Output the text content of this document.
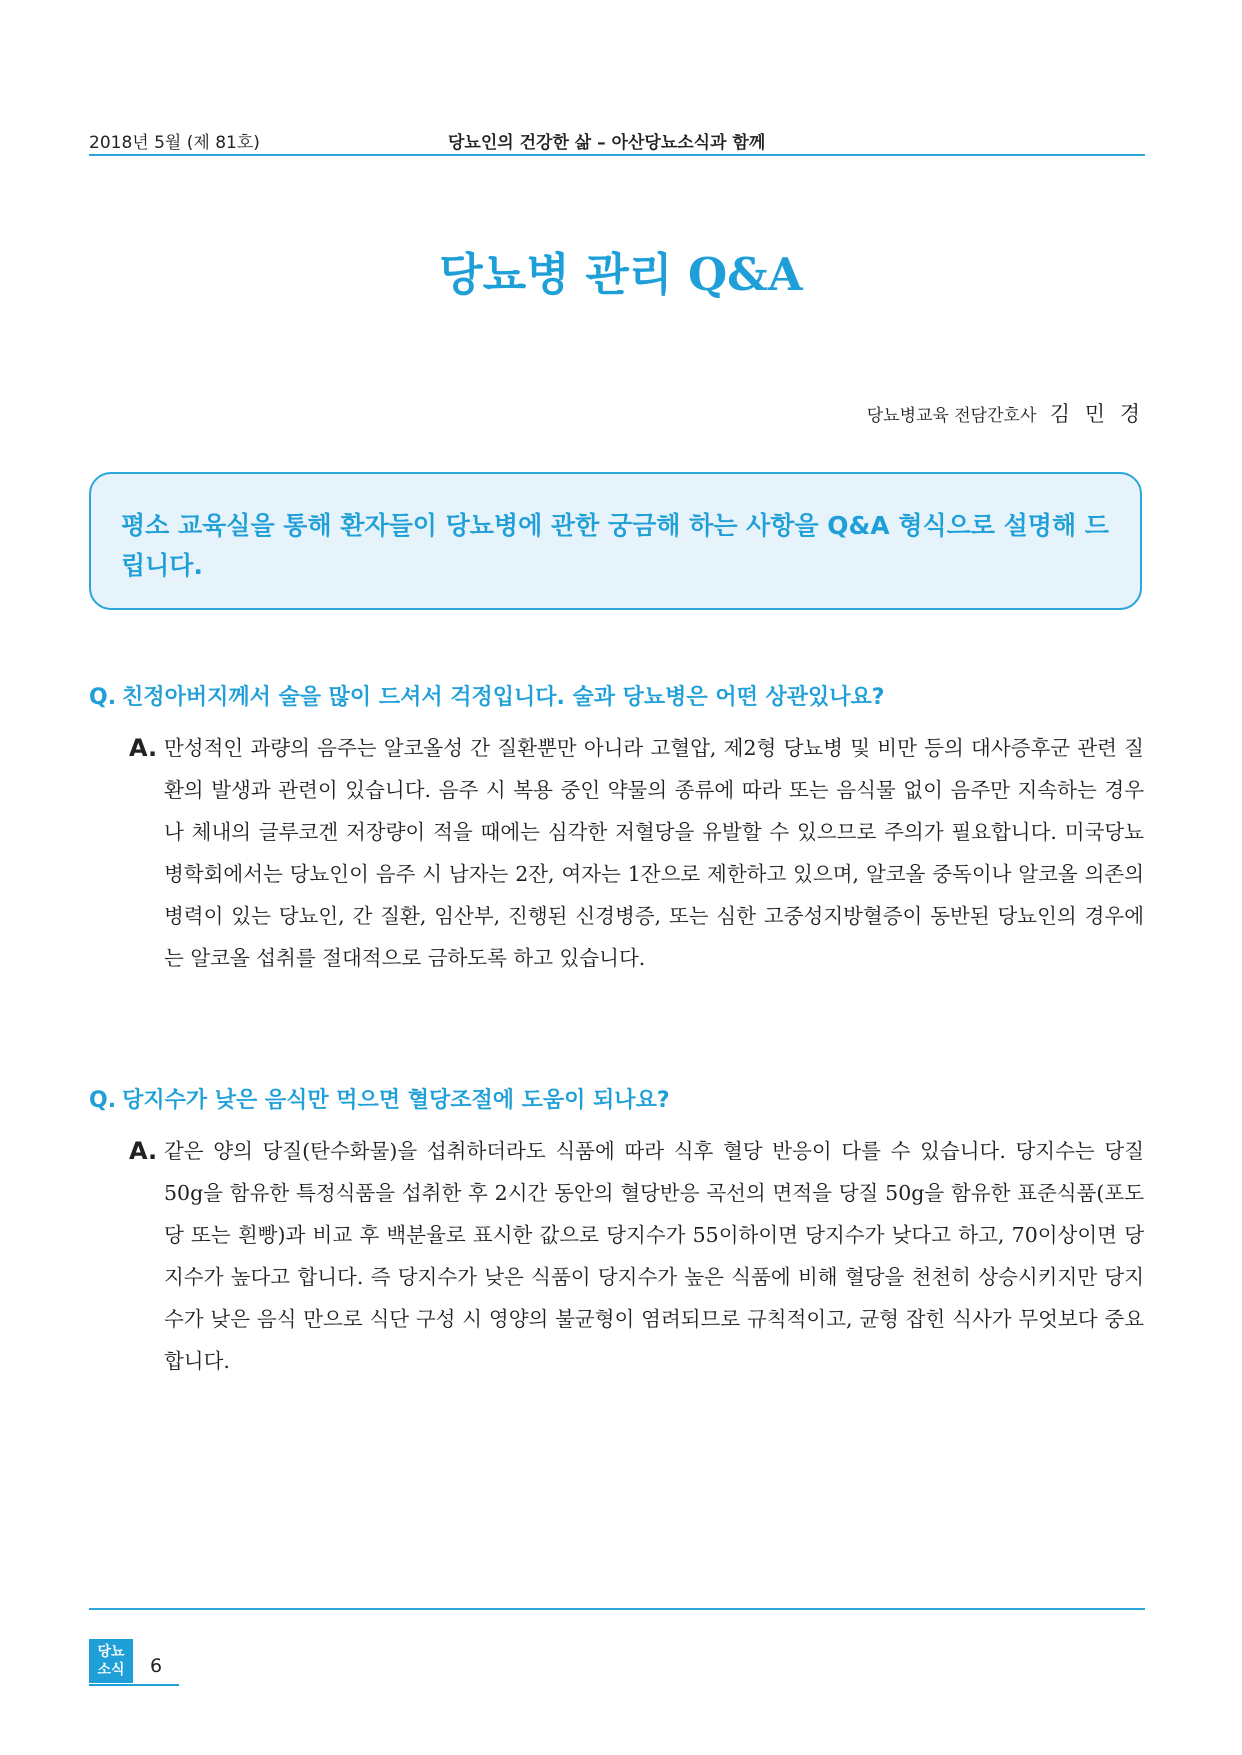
2018년 5월 (제 81호)	당뇨인의 건강한 삶 – 아산당뇨소식과 함께
당뇨병 관리 Q&A
당뇨병교육 전담간호사 김 민 경

평소 교육실을 통해 환자들이 당뇨병에 관한 궁금해 하는 사항을 Q&A 형식으로 설명해 드립니다.

Q. 친정아버지께서 술을 많이 드셔서 걱정입니다. 술과 당뇨병은 어떤 상관있나요?
A. 만성적인 과량의 음주는 알코올성 간 질환뿐만 아니라 고혈압, 제2형 당뇨병 및 비만 등의 대사증후군 관련 질환의 발생과 관련이 있습니다. 음주 시 복용 중인 약물의 종류에 따라 또는 음식물 없이 음주만 지속하는 경우나 체내의 글루코겐 저장량이 적을 때에는 심각한 저혈당을 유발할 수 있으므로 주의가 필요합니다. 미국당뇨병학회에서는 당뇨인이 음주 시 남자는 2잔, 여자는 1잔으로 제한하고 있으며, 알코올 중독이나 알코올 의존의 병력이 있는 당뇨인, 간 질환, 임산부, 진행된 신경병증, 또는 심한 고중성지방혈증이 동반된 당뇨인의 경우에는 알코올 섭취를 절대적으로 금하도록 하고 있습니다.

Q. 당지수가 낮은 음식만 먹으면 혈당조절에 도움이 되나요?
A. 같은 양의 당질(탄수화물)을 섭취하더라도 식품에 따라 식후 혈당 반응이 다를 수 있습니다. 당지수는 당질 50g을 함유한 특정식품을 섭취한 후 2시간 동안의 혈당반응 곡선의 면적을 당질 50g을 함유한 표준식품(포도당 또는 흰빵)과 비교 후 백분율로 표시한 값으로 당지수가 55이하이면 당지수가 낮다고 하고, 70이상이면 당지수가 높다고 합니다. 즉 당지수가 낮은 식품이 당지수가 높은 식품에 비해 혈당을 천천히 상승시키지만 당지수가 낮은 음식 만으로 식단 구성 시 영양의 불균형이 염려되므로 규칙적이고, 균형 잡힌 식사가 무엇보다 중요합니다.

당뇨
소식	6
